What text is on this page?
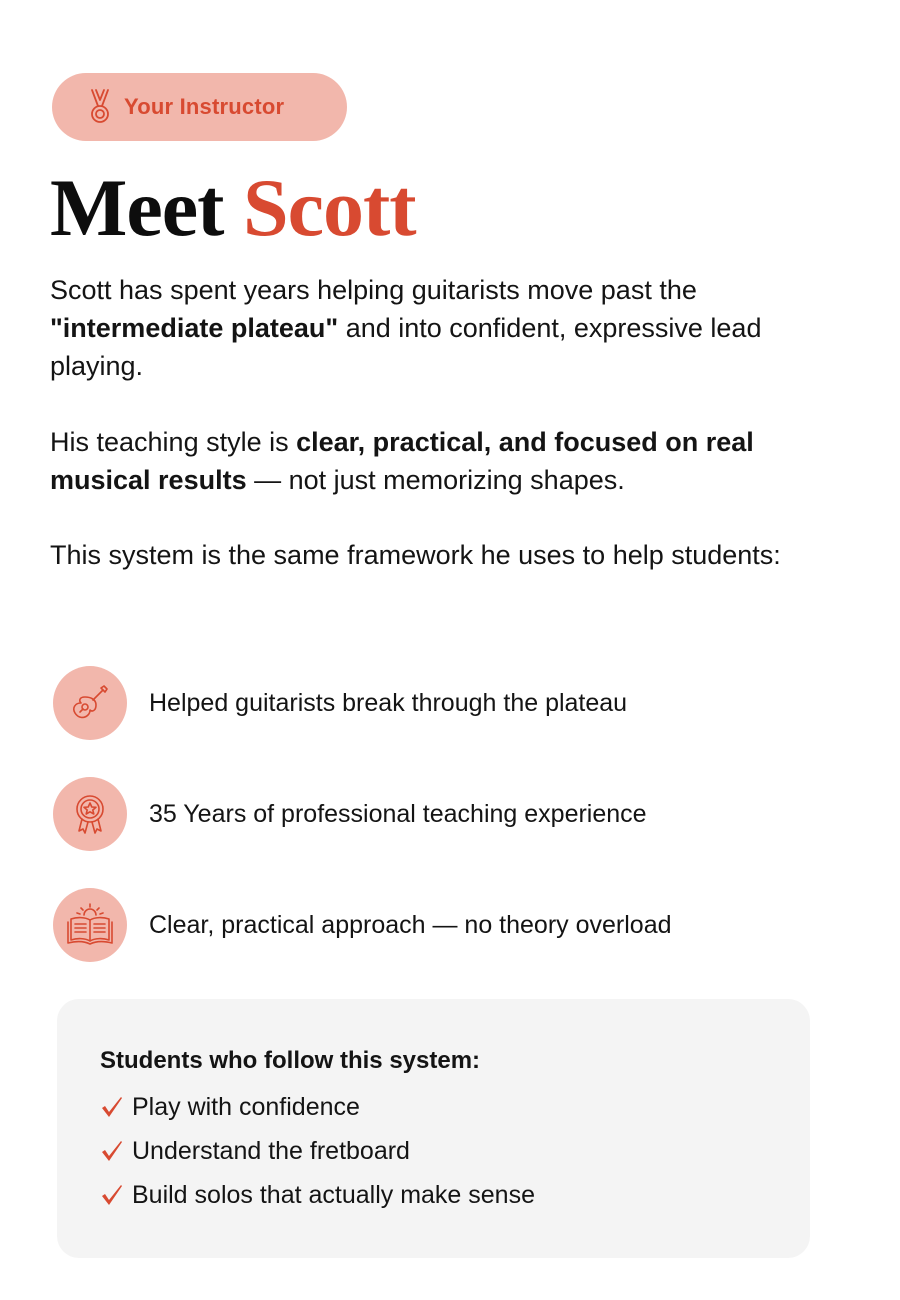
Your Instructor
Meet Scott

Scott has spent years helping guitarists move past the "intermediate plateau" and into confident, expressive lead playing.

His teaching style is clear, practical, and focused on real musical results — not just memorizing shapes.

This system is the same framework he uses to help students:

Helped guitarists break through the plateau
35 Years of professional teaching experience
Clear, practical approach — no theory overload
Students who follow this system:
Play with confidence
Understand the fretboard
Build solos that actually make sense
